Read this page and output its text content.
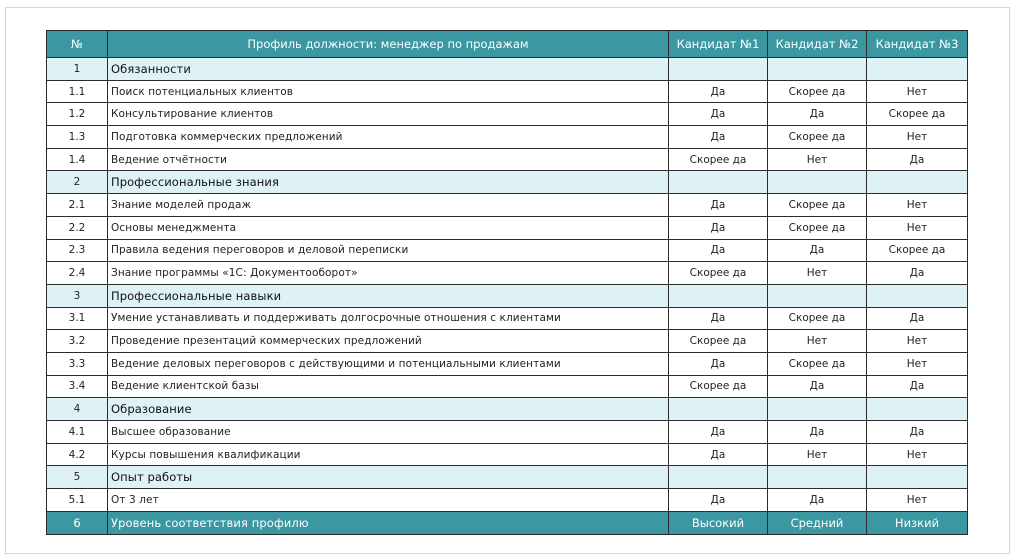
№	Профиль должности: менеджер по продажам	Кандидат №1	Кандидат №2	Кандидат №3
1	Обязанности			
1.1	Поиск потенциальных клиентов	Да	Скорее да	Нет
1.2	Консультирование клиентов	Да	Да	Скорее да
1.3	Подготовка коммерческих предложений	Да	Скорее да	Нет
1.4	Ведение отчётности	Скорее да	Нет	Да
2	Профессиональные знания			
2.1	Знание моделей продаж	Да	Скорее да	Нет
2.2	Основы менеджмента	Да	Скорее да	Нет
2.3	Правила ведения переговоров и деловой переписки	Да	Да	Скорее да
2.4	Знание программы «1С: Документооборот»	Скорее да	Нет	Да
3	Профессиональные навыки			
3.1	Умение устанавливать и поддерживать долгосрочные отношения с клиентами	Да	Скорее да	Да
3.2	Проведение презентаций коммерческих предложений	Скорее да	Нет	Нет
3.3	Ведение деловых переговоров с действующими и потенциальными клиентами	Да	Скорее да	Нет
3.4	Ведение клиентской базы	Скорее да	Да	Да
4	Образование			
4.1	Высшее образование	Да	Да	Да
4.2	Курсы повышения квалификации	Да	Нет	Нет
5	Опыт работы			
5.1	От 3 лет	Да	Да	Нет
6	Уровень соответствия профилю	Высокий	Средний	Низкий
